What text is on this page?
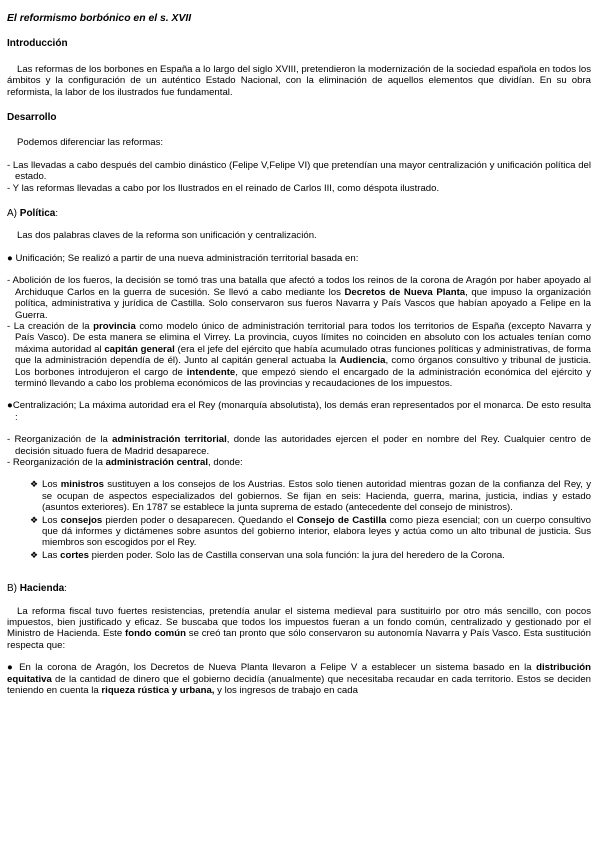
El reformismo borbónico en el s. XVII
Introducción

Las reformas de los borbones en España a lo largo del siglo XVIII, pretendieron la modernización de la sociedad española en todos los ámbitos y la configuración de un auténtico Estado Nacional, con la eliminación de aquellos elementos que dividían. En su obra reformista, la labor de los ilustrados fue fundamental.

Desarrollo

Podemos diferenciar las reformas:

- Las llevadas a cabo después del cambio dinástico (Felipe V,Felipe VI) que pretendían una mayor centralización y unificación política del estado.

- Y las reformas llevadas a cabo por los Ilustrados en el reinado de Carlos III, como déspota ilustrado.

A) Política:

Las dos palabras claves de la reforma son unificación y centralización.

● Unificación; Se realizó a partir de una nueva administración territorial basada en:

- Abolición de los fueros, la decisión se tomó tras una batalla que afectó a todos los reinos de la corona de Aragón por haber apoyado al Archiduque Carlos en la guerra de sucesión. Se llevó a cabo mediante los Decretos de Nueva Planta, que impuso la organización política, administrativa y jurídica de Castilla. Solo conservaron sus fueros Navarra y País Vascos que habían apoyado a Felipe en la Guerra.

- La creación de la provincia como modelo único de administración territorial para todos los territorios de España (excepto Navarra y País Vasco). De esta manera se elimina el Virrey. La provincia, cuyos límites no coinciden en absoluto con los actuales tenían como máxima autoridad al capitán general (era el jefe del ejército que había acumulado otras funciones políticas y administrativas, de forma que la administración dependía de él). Junto al capitán general actuaba la Audiencia, como órganos consultivo y tribunal de justicia. Los borbones introdujeron el cargo de intendente, que empezó siendo el encargado de la administración económica del ejército y terminó llevando a cabo los problema económicos de las provincias y recaudaciones de los impuestos.

●Centralización; La máxima autoridad era el Rey (monarquía absolutista), los demás eran representados por el monarca. De esto resulta :

- Reorganización de la administración territorial, donde las autoridades ejercen el poder en nombre del Rey. Cualquier centro de decisión situado fuera de Madrid desaparece.

- Reorganización de la administración central, donde:

❖ Los ministros sustituyen a los consejos de los Austrias. Estos solo tienen autoridad mientras gozan de la confianza del Rey, y se ocupan de aspectos especializados del gobiernos. Se fijan en seis: Hacienda, guerra, marina, justicia, indias y estado (asuntos exteriores). En 1787 se establece la junta suprema de estado (antecedente del consejo de ministros).

❖ Los consejos pierden poder o desaparecen. Quedando el Consejo de Castilla como pieza esencial; con un cuerpo consultivo que dá informes y dictámenes sobre asuntos del gobierno interior, elabora leyes y actúa como un alto tribunal de justicia. Sus miembros son escogidos por el Rey.

❖ Las cortes pierden poder. Solo las de Castilla conservan una sola función: la jura del heredero de la Corona.

B) Hacienda:

La reforma fiscal tuvo fuertes resistencias, pretendía anular el sistema medieval para sustituirlo por otro más sencillo, con pocos impuestos, bien justificado y eficaz. Se buscaba que todos los impuestos fueran a un fondo común, centralizado y gestionado por el Ministro de Hacienda. Este fondo común se creó tan pronto que sólo conservaron su autonomía Navarra y País Vasco. Esta sustitución respecta que:

● En la corona de Aragón, los Decretos de Nueva Planta llevaron a Felipe V a establecer un sistema basado en la distribución equitativa de la cantidad de dinero que el gobierno decidía (anualmente) que necesitaba recaudar en cada territorio. Estos se deciden teniendo en cuenta la riqueza rústica y urbana, y los ingresos de trabajo en cada
